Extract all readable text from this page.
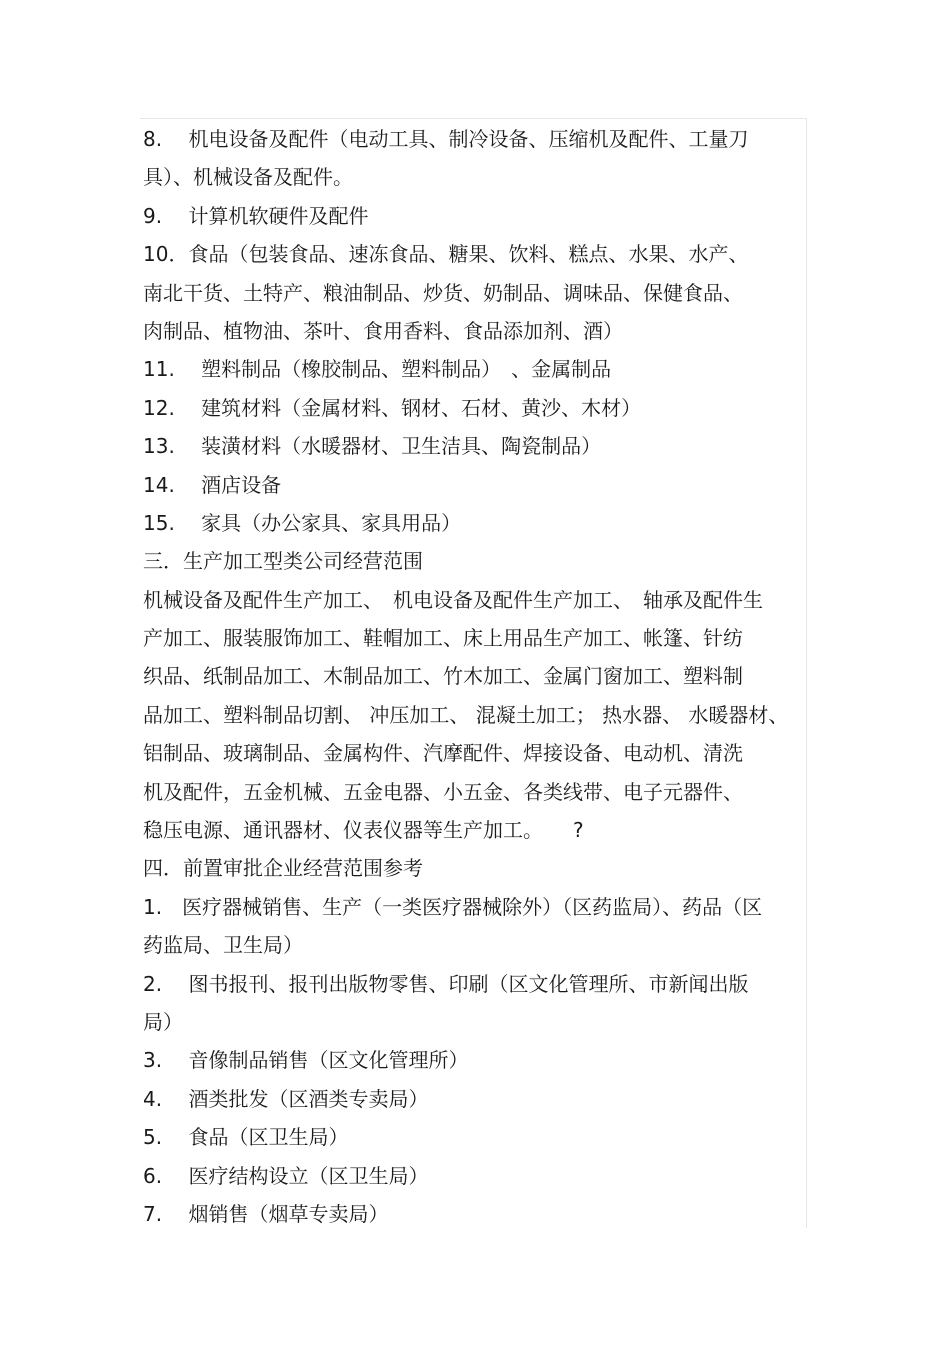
8.　 机电设备及配件（电动工具、制冷设备、压缩机及配件、工量刀
具）、机械设备及配件。
9.　 计算机软硬件及配件
10．食品（包装食品、速冻食品、糖果、饮料、糕点、水果、水产、
南北干货、土特产、粮油制品、炒货、奶制品、调味品、保健食品、
肉制品、植物油、茶叶、食用香料、食品添加剂、酒）
11.　 塑料制品（橡胶制品、塑料制品）　、金属制品
12.　 建筑材料（金属材料、钢材、石材、黄沙、木材）
13.　 装潢材料（水暖器材、卫生洁具、陶瓷制品）
14.　 酒店设备
15.　 家具（办公家具、家具用品）
三．生产加工型类公司经营范围
机械设备及配件生产加工、　机电设备及配件生产加工、　轴承及配件生
产加工、服装服饰加工、鞋帽加工、床上用品生产加工、帐篷、针纺
织品、纸制品加工、木制品加工、竹木加工、金属门窗加工、塑料制
品加工、塑料制品切割、 冲压加工、 混凝土加工； 热水器、 水暖器材、
铝制品、玻璃制品、金属构件、汽摩配件、焊接设备、电动机、清洗
机及配件，五金机械、五金电器、小五金、各类线带、电子元器件、
稳压电源、通讯器材、仪表仪器等生产加工。　　?
四．前置审批企业经营范围参考
1.　医疗器械销售、生产（一类医疗器械除外）（区药监局）、药品（区
药监局、卫生局）
2.　 图书报刊、报刊出版物零售、印刷（区文化管理所、市新闻出版
局）
3.　 音像制品销售（区文化管理所）
4.　 酒类批发（区酒类专卖局）
5.　 食品（区卫生局）
6.　 医疗结构设立（区卫生局）
7.　 烟销售（烟草专卖局）
